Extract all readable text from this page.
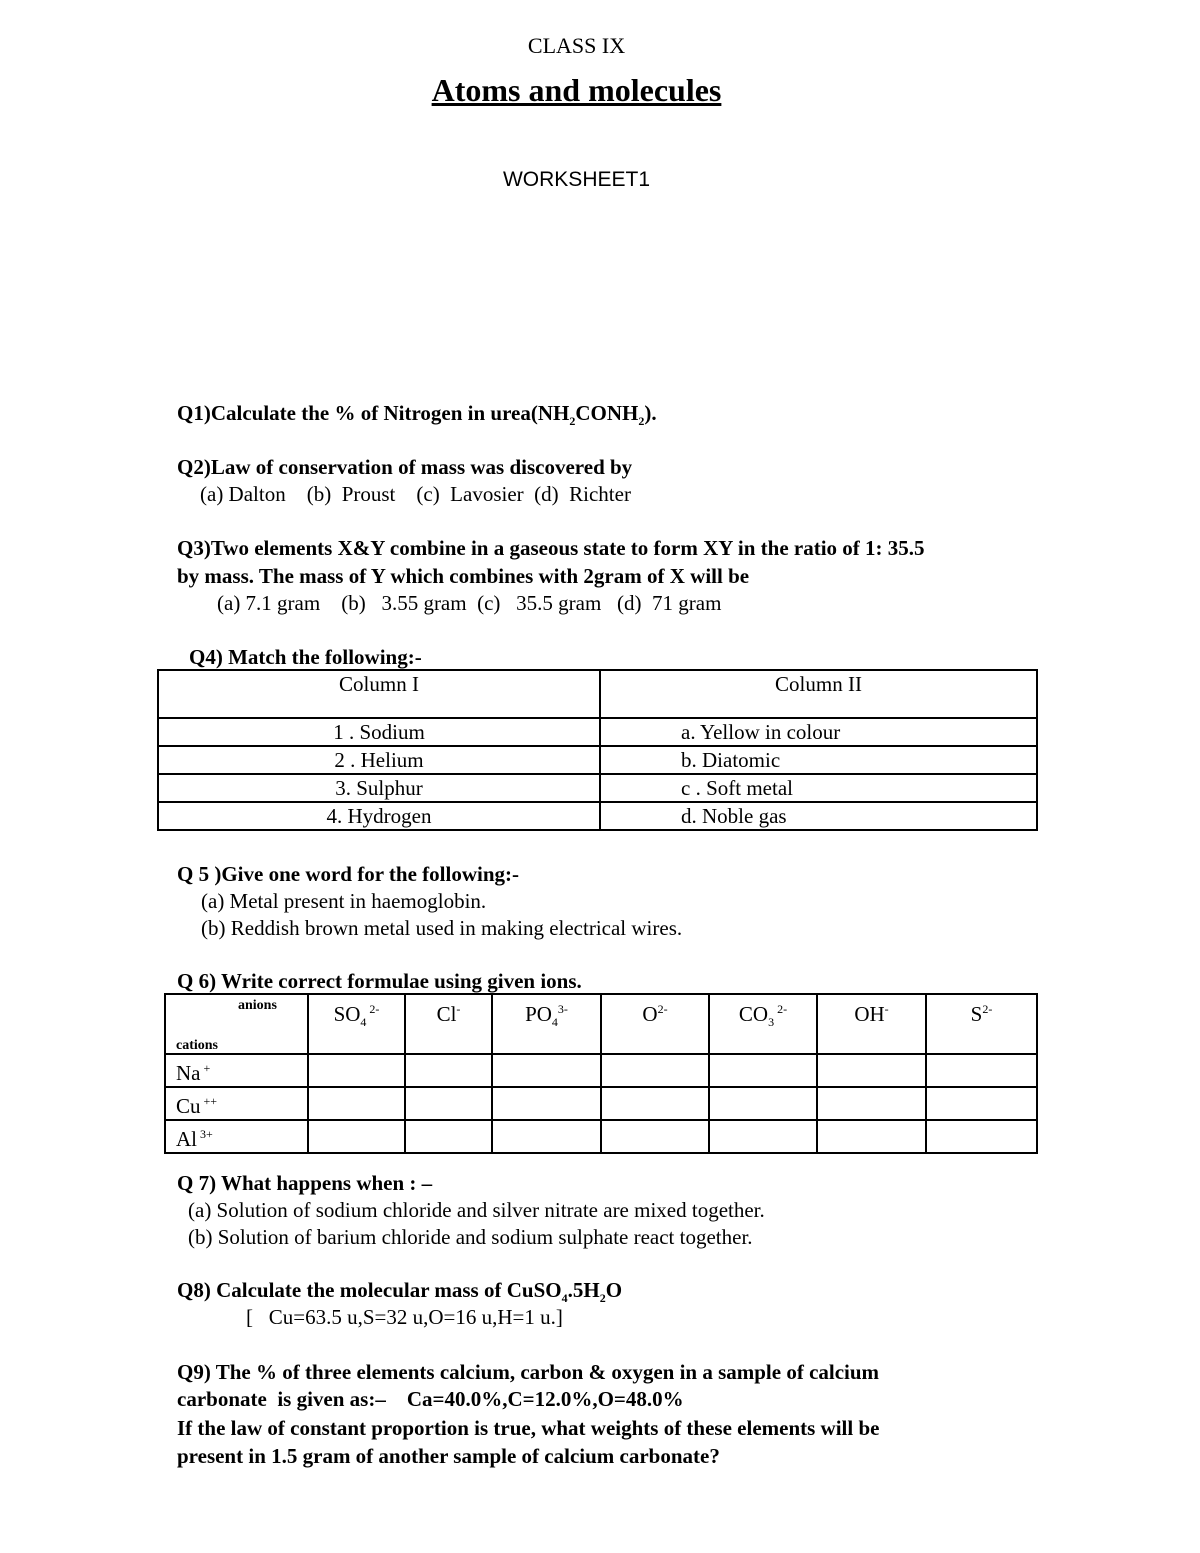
CLASS IX
Atoms and molecules
WORKSHEET1
Q1)Calculate the % of Nitrogen in $urea(NH_2CONH_2)$.
Q2)Law of conservation of mass was discovered by
(a) Dalton    (b)  Proust    (c)  Lavosier  (d)  Richter
Q3)Two elements X&Y combine in a gaseous state to form XY in the ratio of 1: 35.5
by mass. The mass of Y which combines with 2gram of X will be
(a) 7.1 gram    (b)   3.55 gram  (c)   35.5 gram   (d)  71 gram
Q4) Match the following:-
Column I	Column II
1 . Sodium	a. Yellow in colour
2 . Helium	b. Diatomic
3. Sulphur	c . Soft metal
4. Hydrogen	d. Noble gas
Q 5 )Give one word for the following:-
(a) Metal present in haemoglobin.
(b) Reddish brown metal used in making electrical wires.
Q 6) Write correct formulae using given ions.
anions
cations	$SO_4$ $^{2-}$	Cl-	$PO_4^{3-}$	$O^{2-}$	$CO_3$ $^{2-}$	OH-	$S^{2-}$
Na +							
Cu ++							
Al $^{3+}$							
Q 7) What happens when : –
(a) Solution of sodium chloride and silver nitrate are mixed together.
(b) Solution of barium chloride and sodium sulphate react together.
Q8) Calculate the molecular mass of $CuSO_4.5H_2O$
[   Cu=63.5 u,S=32 u,O=16 u,H=1 u.]
Q9) The % of three elements calcium, carbon & oxygen in a sample of calcium
carbonate  is given as:–    Ca=40.0%,C=12.0%,O=48.0%
If the law of constant proportion is true, what weights of these elements will be
present in 1.5 gram of another sample of calcium carbonate?
